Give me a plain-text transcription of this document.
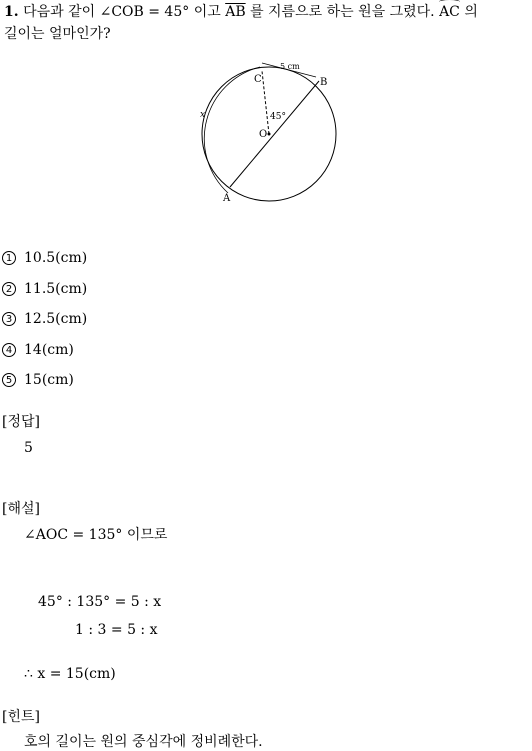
1. 다음과 같이 ∠COB = 45° 이고 $\overline{AB}$ 를 지름으로 하는 원을 그렸다. AC 의
길이는 얼마인가?
C	B
O
A
x
5 cm
45°
1 10.5(cm)
2 11.5(cm)
3 12.5(cm)
4 14(cm)
5 15(cm)
[정답]
5
[해설]
∠AOC = 135° 이므로
45° : 135° = 5 : x
1 : 3 = 5 : x
∴ x = 15(cm)
[힌트]
호의 길이는 원의 중심각에 정비례한다.
